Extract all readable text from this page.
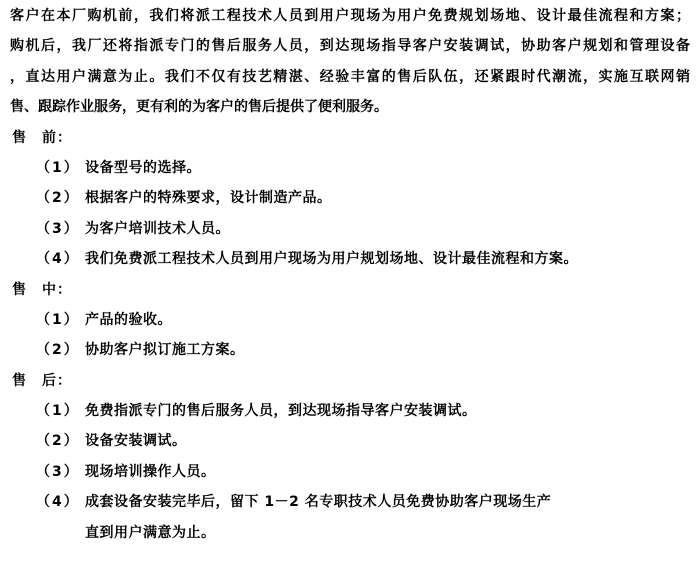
客户在本厂购机前，我们将派工程技术人员到用户现场为用户免费规划场地、设计最佳流程和方案；
购机后，我厂还将指派专门的售后服务人员，到达现场指导客户安装调试，协助客户规划和管理设备
，直达用户满意为止。我们不仅有技艺精湛、经验丰富的售后队伍，还紧跟时代潮流，实施互联网销
售、跟踪作业服务，更有利的为客户的售后提供了便利服务。
售　前：
（1） 设备型号的选择。
（2） 根据客户的特殊要求，设计制造产品。
（3） 为客户培训技术人员。
（4） 我们免费派工程技术人员到用户现场为用户规划场地、设计最佳流程和方案。
售　中：
（1） 产品的验收。
（2） 协助客户拟订施工方案。
售　后：
（1） 免费指派专门的售后服务人员，到达现场指导客户安装调试。
（2） 设备安装调试。
（3） 现场培训操作人员。
（4） 成套设备安装完毕后，留下 1－2 名专职技术人员免费协助客户现场生产
直到用户满意为止。
